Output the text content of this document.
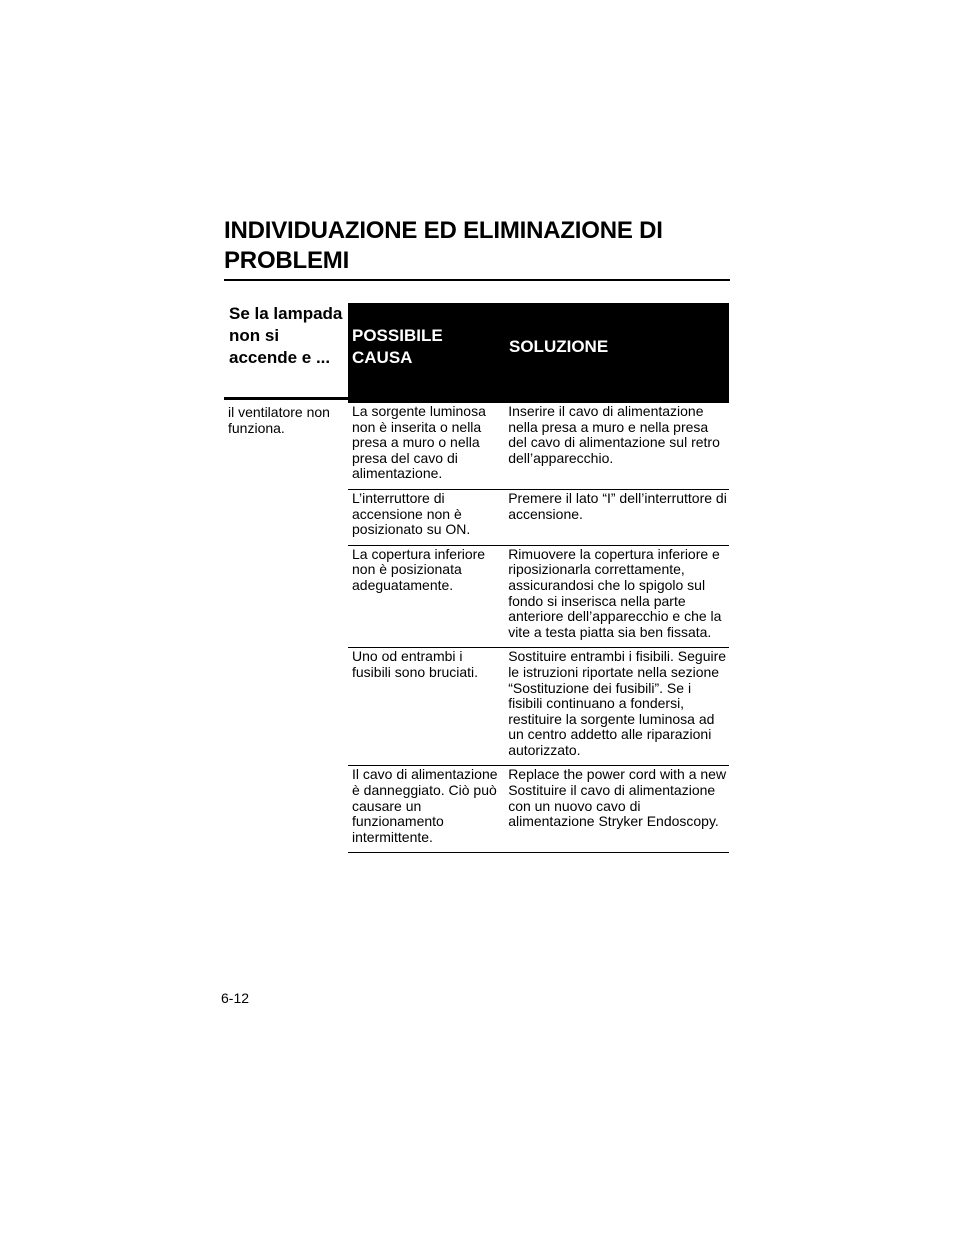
INDIVIDUAZIONE ED ELIMINAZIONE DI PROBLEMI
Se la lampada non si accende e ...
POSSIBILE CAUSA
SOLUZIONE
il ventilatore non funziona.
La sorgente luminosa non è inserita o nella presa a muro o nella presa del cavo di alimentazione.
Inserire il cavo di alimentazione nella presa a muro e nella presa del cavo di alimentazione sul retro dell’apparecchio.
L’interruttore di accensione non è posizionato su ON.
Premere il lato “I” dell’interruttore di accensione.
La copertura inferiore non è posizionata adeguatamente.
Rimuovere la copertura inferiore e riposizionarla correttamente, assicurandosi che lo spigolo sul fondo si inserisca nella parte anteriore dell’apparecchio e che la vite a testa piatta sia ben fissata.
Uno od entrambi i fusibili sono bruciati.
Sostituire entrambi i fisibili. Seguire le istruzioni riportate nella sezione “Sostituzione dei fusibili”. Se i fisibili continuano a fondersi, restituire la sorgente luminosa ad un centro addetto alle riparazioni autorizzato.
Il cavo di alimentazione è danneggiato. Ciò può causare un funzionamento intermittente.
Replace the power cord with a new Sostituire il cavo di alimentazione con un nuovo cavo di alimentazione Stryker Endoscopy.
6-12
